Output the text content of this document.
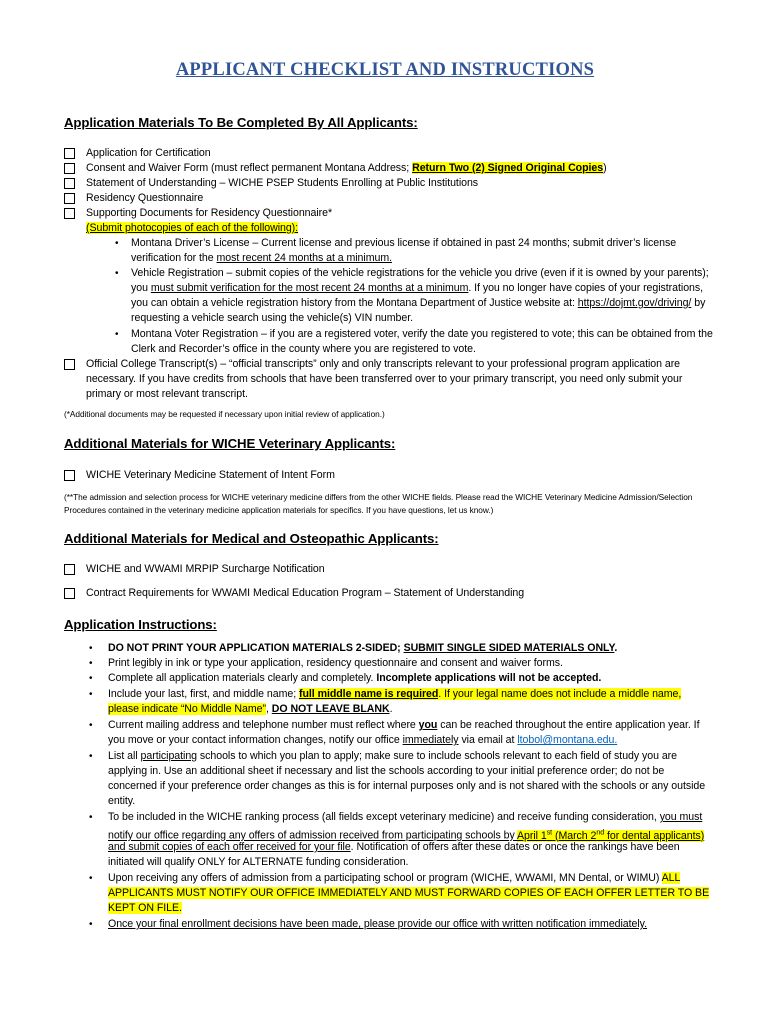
APPLICANT CHECKLIST AND INSTRUCTIONS
Application Materials To Be Completed By All Applicants:
Application for Certification
Consent and Waiver Form (must reflect permanent Montana Address; Return Two (2) Signed Original Copies)
Statement of Understanding – WICHE PSEP Students Enrolling at Public Institutions
Residency Questionnaire
Supporting Documents for Residency Questionnaire*
(Submit photocopies of each of the following):
• Montana Driver’s License – Current license and previous license if obtained in past 24 months; submit driver’s license
verification for the most recent 24 months at a minimum.
• Vehicle Registration – submit copies of the vehicle registrations for the vehicle you drive (even if it is owned by your parents);
you must submit verification for the most recent 24 months at a minimum. If you no longer have copies of your registrations,
you can obtain a vehicle registration history from the Montana Department of Justice website at: https://dojmt.gov/driving/ by
requesting a vehicle search using the vehicle(s) VIN number.
• Montana Voter Registration – if you are a registered voter, verify the date you registered to vote; this can be obtained from the
Clerk and Recorder’s office in the county where you are registered to vote.
Official College Transcript(s) – “official transcripts” only and only transcripts relevant to your professional program application are
necessary. If you have credits from schools that have been transferred over to your primary transcript, you need only submit your
primary or most relevant transcript.
(*Additional documents may be requested if necessary upon initial review of application.)
Additional Materials for WICHE Veterinary Applicants:
WICHE Veterinary Medicine Statement of Intent Form
(**The admission and selection process for WICHE veterinary medicine differs from the other WICHE fields. Please read the WICHE Veterinary Medicine Admission/Selection
Procedures contained in the veterinary medicine application materials for specifics. If you have questions, let us know.)
Additional Materials for Medical and Osteopathic Applicants:
WICHE and WWAMI MRPIP Surcharge Notification
Contract Requirements for WWAMI Medical Education Program – Statement of Understanding
Application Instructions:
• DO NOT PRINT YOUR APPLICATION MATERIALS 2-SIDED; SUBMIT SINGLE SIDED MATERIALS ONLY.
• Print legibly in ink or type your application, residency questionnaire and consent and waiver forms.
• Complete all application materials clearly and completely. Incomplete applications will not be accepted.
• Include your last, first, and middle name; full middle name is required. If your legal name does not include a middle name,
please indicate “No Middle Name”, DO NOT LEAVE BLANK.
• Current mailing address and telephone number must reflect where you can be reached throughout the entire application year. If
you move or your contact information changes, notify our office immediately via email at ltobol@montana.edu.
• List all participating schools to which you plan to apply; make sure to include schools relevant to each field of study you are
applying in. Use an additional sheet if necessary and list the schools according to your initial preference order; do not be
concerned if your preference order changes as this is for internal purposes only and is not shared with the schools or any outside
entity.
• To be included in the WICHE ranking process (all fields except veterinary medicine) and receive funding consideration, you must
notify our office regarding any offers of admission received from participating schools by April 1st (March 2nd for dental applicants)
and submit copies of each offer received for your file. Notification of offers after these dates or once the rankings have been
initiated will qualify ONLY for ALTERNATE funding consideration.
• Upon receiving any offers of admission from a participating school or program (WICHE, WWAMI, MN Dental, or WIMU) ALL
APPLICANTS MUST NOTIFY OUR OFFICE IMMEDIATELY AND MUST FORWARD COPIES OF EACH OFFER LETTER TO BE
KEPT ON FILE.
• Once your final enrollment decisions have been made, please provide our office with written notification immediately.
